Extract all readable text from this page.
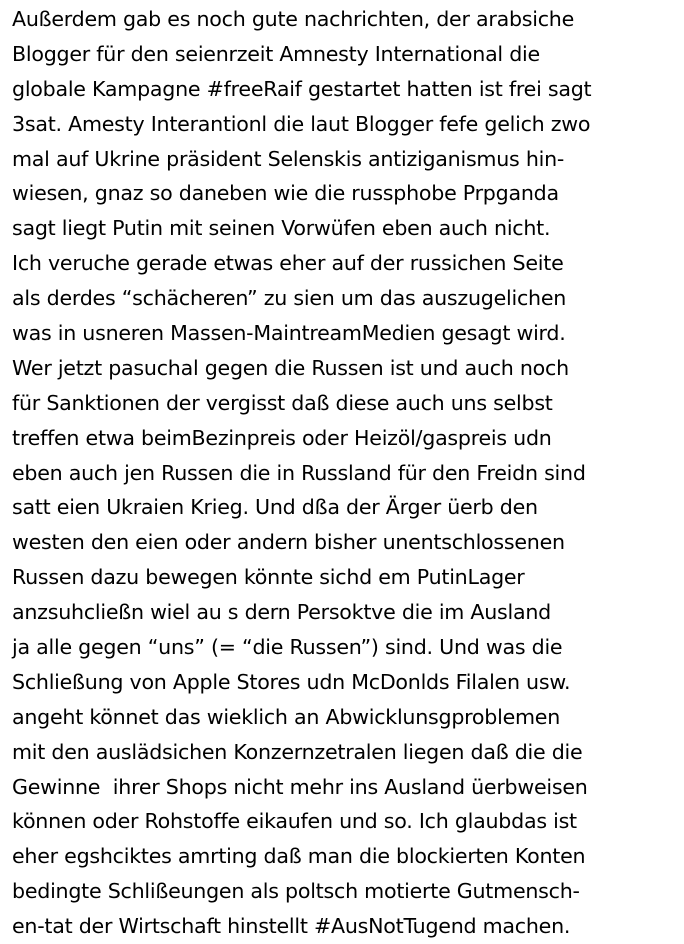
Außerdem gab es noch gute nachrichten, der arabsiche
Blogger für den seienrzeit Amnesty International die
globale Kampagne #freeRaif gestartet hatten ist frei sagt
3sat. Amesty Interantionl die laut Blogger fefe gelich zwo
mal auf Ukrine präsident Selenskis antiziganismus hin-
wiesen, gnaz so daneben wie die russphobe Prpganda
sagt liegt Putin mit seinen Vorwüfen eben auch nicht.
Ich veruche gerade etwas eher auf der russichen Seite
als derdes “schächeren” zu sien um das auszugelichen
was in usneren Massen-MaintreamMedien gesagt wird.
Wer jetzt pasuchal gegen die Russen ist und auch noch
für Sanktionen der vergisst daß diese auch uns selbst
treffen etwa beimBezinpreis oder Heizöl/gaspreis udn
eben auch jen Russen die in Russland für den Freidn sind
satt eien Ukraien Krieg. Und dßa der Ärger üerb den
westen den eien oder andern bisher unentschlossenen
Russen dazu bewegen könnte sichd em PutinLager
anzsuhcließn wiel au s dern Persoktve die im Ausland
ja alle gegen “uns” (= “die Russen”) sind. Und was die
Schließung von Apple Stores udn McDonlds Filalen usw.
angeht könnet das wieklich an Abwicklunsgproblemen
mit den auslädsichen Konzernzetralen liegen daß die die
Gewinne  ihrer Shops nicht mehr ins Ausland üerbweisen
können oder Rohstoffe eikaufen und so. Ich glaubdas ist
eher egshciktes amrting daß man die blockierten Konten
bedingte Schlißeungen als poltsch motierte Gutmensch-
en-tat der Wirtschaft hinstellt #AusNotTugend machen.
